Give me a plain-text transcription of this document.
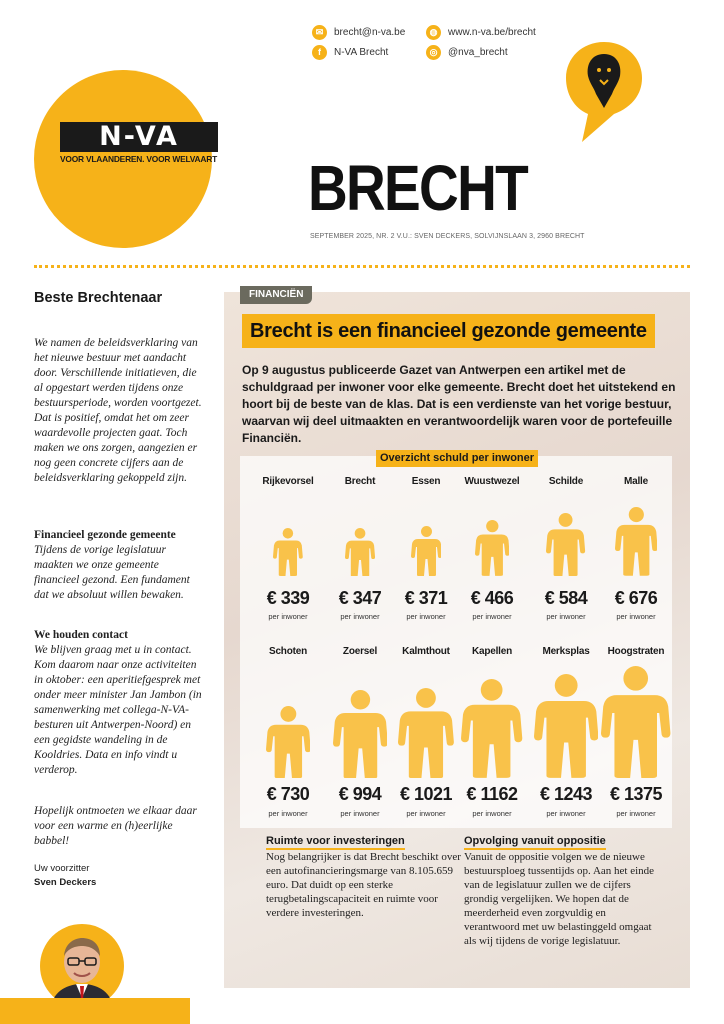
N-VA
VOOR VLAANDEREN. VOOR WELVAART
✉	brecht@n-va.be	◍	www.n-va.be/brecht
f	N-VA Brecht	◎	@nva_brecht
BRECHT
SEPTEMBER 2025, NR. 2 V.U.: SVEN DECKERS, SOLVIJNSLAAN 3, 2960 BRECHT
Beste Brechtenaar
We namen de beleidsverklaring van het nieuwe bestuur met aandacht door. Verschillende initiatieven, die al opgestart werden tijdens onze bestuursperiode, worden voortgezet. Dat is positief, omdat het om zeer waardevolle projecten gaat. Toch maken we ons zorgen, aangezien er nog geen concrete cijfers aan de beleidsverklaring gekoppeld zijn.
Financieel gezonde gemeente
Tijdens de vorige legislatuur maakten we onze gemeente financieel gezond. Een fundament dat we absoluut willen bewaken.
We houden contact
We blijven graag met u in contact. Kom daarom naar onze activiteiten in oktober: een aperitiefgesprek met onder meer minister Jan Jambon (in samenwerking met collega-N-VA-besturen uit Antwerpen-Noord) en een gegidste wandeling in de Kooldries. Data en info vindt u verderop.
Hopelijk ontmoeten we elkaar daar voor een warme en (h)eerlijke babbel!
Uw voorzitter
Sven Deckers
FINANCIËN
Brecht is een financieel gezonde gemeente
Op 9 augustus publiceerde Gazet van Antwerpen een artikel met de schuldgraad per inwoner voor elke gemeente. Brecht doet het uitstekend en hoort bij de beste van de klas. Dat is een verdienste van het vorige bestuur, waarvan wij deel uitmaakten en verantwoordelijk waren voor de portefeuille Financiën.
Overzicht schuld per inwoner
Rijkevorsel
€ 339
per inwoner
Brecht
€ 347
per inwoner
Essen
€ 371
per inwoner
Wuustwezel
€ 466
per inwoner
Schilde
€ 584
per inwoner
Malle
€ 676
per inwoner
Schoten
€ 730
per inwoner
Zoersel
€ 994
per inwoner
Kalmthout
€ 1021
per inwoner
Kapellen
€ 1162
per inwoner
Merksplas
€ 1243
per inwoner
Hoogstraten
€ 1375
per inwoner
Ruimte voor investeringen
Nog belangrijker is dat Brecht beschikt over een autofinancieringsmarge van 8.105.659 euro. Dat duidt op een sterke terugbetalingscapaciteit en ruimte voor verdere investeringen.
Opvolging vanuit oppositie
Vanuit de oppositie volgen we de nieuwe bestuursploeg tussentijds op. Aan het einde van de legislatuur zullen we de cijfers grondig vergelijken. We hopen dat de meerderheid even zorgvuldig en verantwoord met uw belastinggeld omgaat als wij tijdens de vorige legislatuur.
